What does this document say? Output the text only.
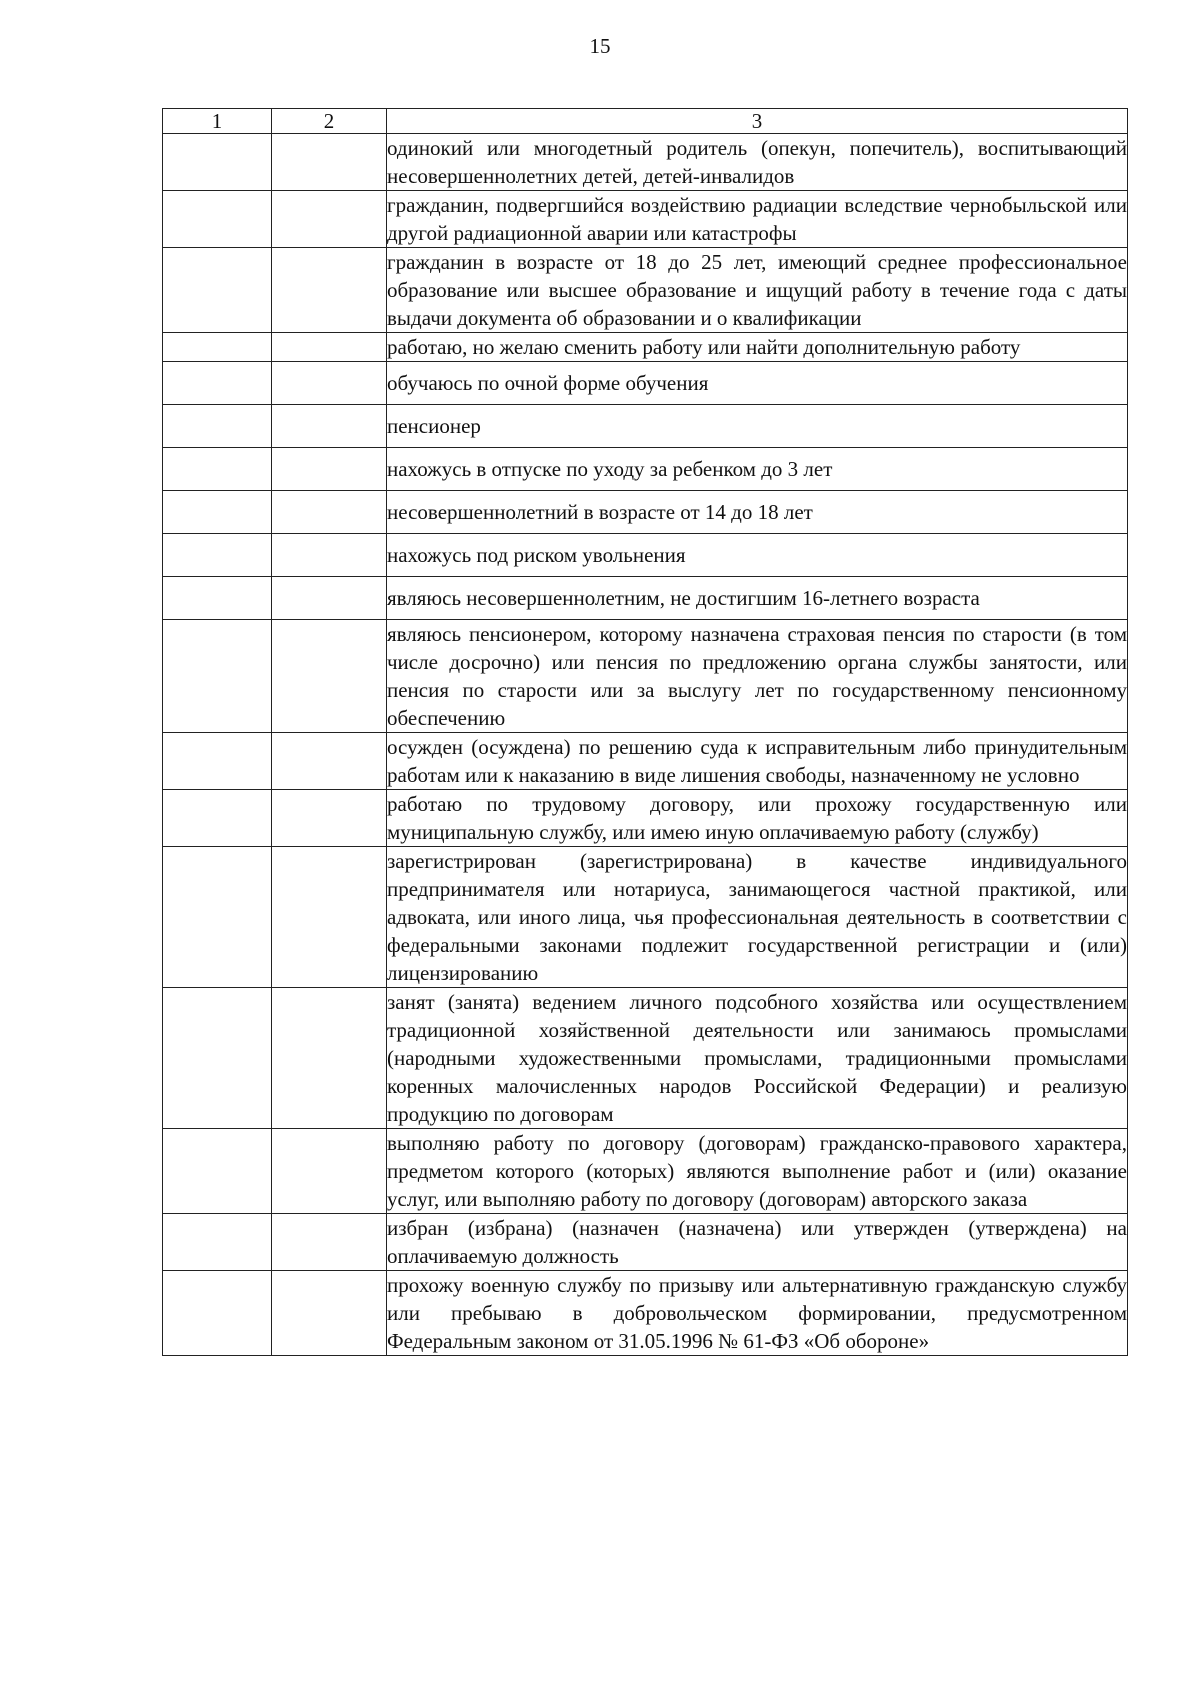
15
1	2	3
		одинокий или многодетный родитель (опекун, попечитель), воспитывающий несовершеннолетних детей, детей-инвалидов
		гражданин, подвергшийся воздействию радиации вследствие чернобыльской или другой радиационной аварии или катастрофы
		гражданин в возрасте от 18 до 25 лет, имеющий среднее профессиональное образование или высшее образование и ищущий работу в течение года с даты выдачи документа об образовании и о квалификации
		работаю, но желаю сменить работу или найти дополнительную работу
		обучаюсь по очной форме обучения
		пенсионер
		нахожусь в отпуске по уходу за ребенком до 3 лет
		несовершеннолетний в возрасте от 14 до 18 лет
		нахожусь под риском увольнения
		являюсь несовершеннолетним, не достигшим 16-летнего возраста
		являюсь пенсионером, которому назначена страховая пенсия по старости (в том числе досрочно) или пенсия по предложению органа службы занятости, или пенсия по старости или за выслугу лет по государственному пенсионному обеспечению
		осужден (осуждена) по решению суда к исправительным либо принудительным работам или к наказанию в виде лишения свободы, назначенному не условно
		работаю по трудовому договору, или прохожу государственную или муниципальную службу, или имею иную оплачиваемую работу (службу)
		зарегистрирован (зарегистрирована) в качестве индивидуального предпринимателя или нотариуса, занимающегося частной практикой, или адвоката, или иного лица, чья профессиональная деятельность в соответствии с федеральными законами подлежит государственной регистрации и (или) лицензированию
		занят (занята) ведением личного подсобного хозяйства или осуществлением традиционной хозяйственной деятельности или занимаюсь промыслами (народными художественными промыслами, традиционными промыслами коренных малочисленных народов Российской Федерации) и реализую продукцию по договорам
		выполняю работу по договору (договорам) гражданско-правового характера, предметом которого (которых) являются выполнение работ и (или) оказание услуг, или выполняю работу по договору (договорам) авторского заказа
		избран (избрана) (назначен (назначена) или утвержден (утверждена) на оплачиваемую должность
		прохожу военную службу по призыву или альтернативную гражданскую службу или пребываю в добровольческом формировании, предусмотренном Федеральным законом от 31.05.1996 № 61-ФЗ «Об обороне»
